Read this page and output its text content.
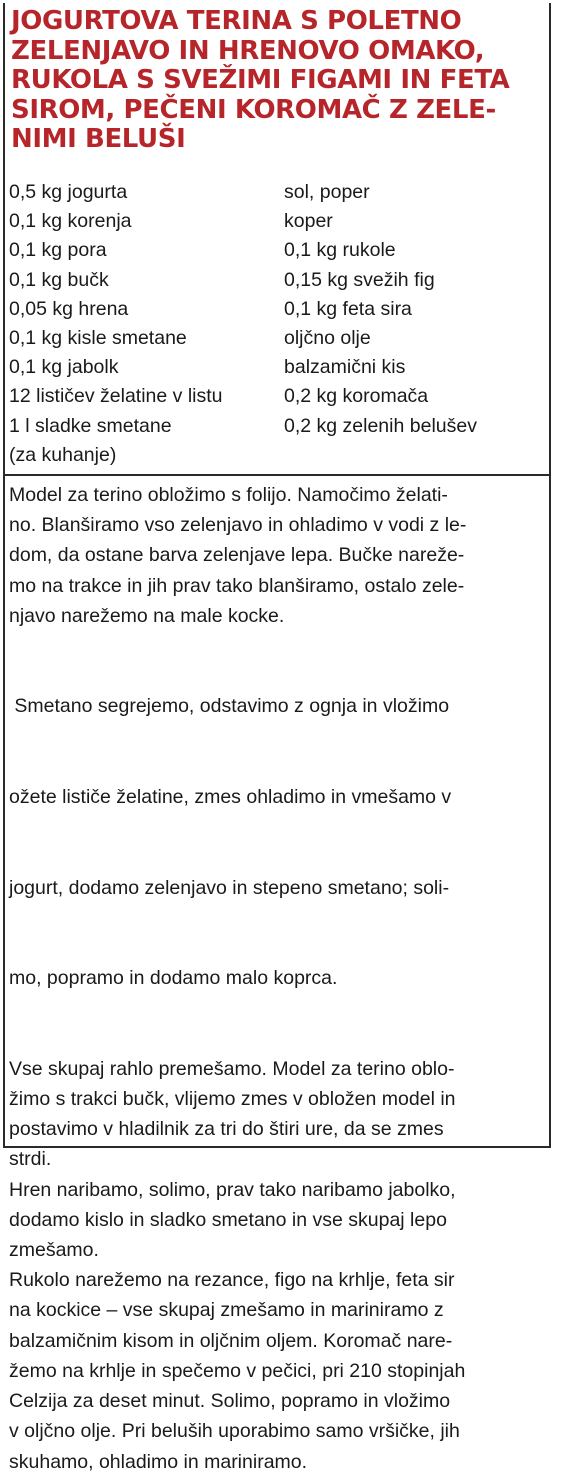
JOGURTOVA TERINA S POLETNO
ZELENJAVO IN HRENOVO OMAKO,
RUKOLA S SVEŽIMI FIGAMI IN FETA
SIROM, PEČENI KOROMAČ Z ZELE-
NIMI BELUŠI
0,5 kg jogurta
0,1 kg korenja
0,1 kg pora
0,1 kg bučk
0,05 kg hrena
0,1 kg kisle smetane
0,1 kg jabolk
12 lističev želatine v listu
1 l sladke smetane
(za kuhanje)
sol, poper
koper
0,1 kg rukole
0,15 kg svežih fig
0,1 kg feta sira
oljčno olje
balzamični kis
0,2 kg koromača
0,2 kg zelenih belušev

Model za terino obložimo s folijo. Namočimo želati-
no. Blanširamo vso zelenjavo in ohladimo v vodi z le-
dom, da ostane barva zelenjave lepa. Bučke nareže-
mo na trakce in jih prav tako blanširamo, ostalo zele-
njavo narežemo na male kocke.

Smetano segrejemo, odstavimo z ognja in vložimo

ožete lističe želatine, zmes ohladimo in vmešamo v

jogurt, dodamo zelenjavo in stepeno smetano; soli-

mo, popramo in dodamo malo koprca.

Vse skupaj rahlo premešamo. Model za terino oblo-
žimo s trakci bučk, vlijemo zmes v obložen model in
postavimo v hladilnik za tri do štiri ure, da se zmes
strdi.

Hren naribamo, solimo, prav tako naribamo jabolko,
dodamo kislo in sladko smetano in vse skupaj lepo
zmešamo.

Rukolo narežemo na rezance, figo na krhlje, feta sir
na kockice – vse skupaj zmešamo in mariniramo z
balzamičnim kisom in oljčnim oljem. Koromač nare-
žemo na krhlje in spečemo v pečici, pri 210 stopinjah
Celzija za deset minut. Solimo, popramo in vložimo
v oljčno olje. Pri beluših uporabimo samo vršičke, jih
skuhamo, ohladimo in mariniramo.
